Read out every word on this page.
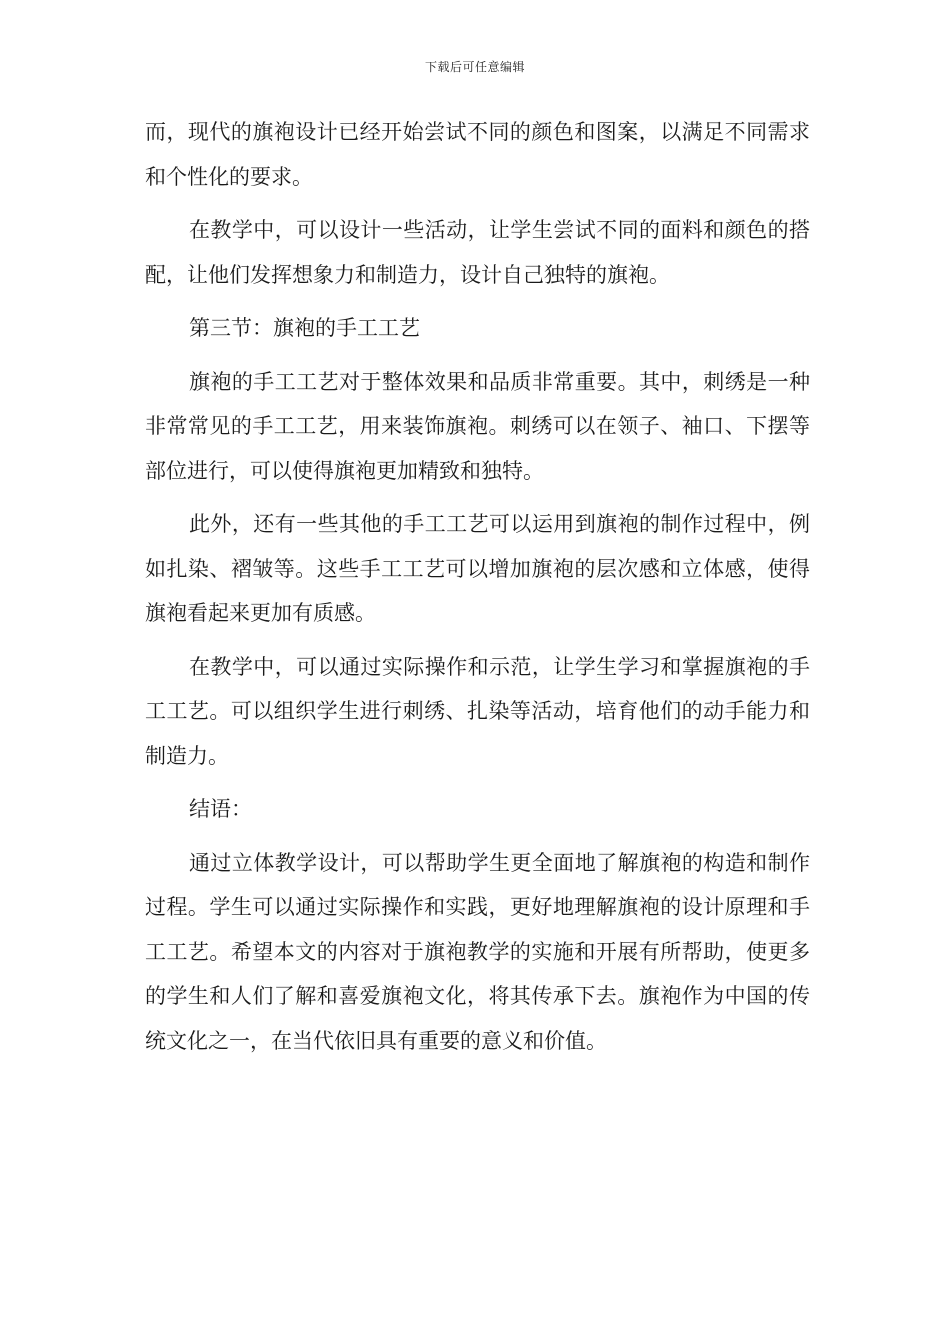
下载后可任意编辑

而，现代的旗袍设计已经开始尝试不同的颜色和图案，以满足不同需求和个性化的要求。

在教学中，可以设计一些活动，让学生尝试不同的面料和颜色的搭配，让他们发挥想象力和制造力，设计自己独特的旗袍。

第三节：旗袍的手工工艺

旗袍的手工工艺对于整体效果和品质非常重要。其中，刺绣是一种非常常见的手工工艺，用来装饰旗袍。刺绣可以在领子、袖口、下摆等部位进行，可以使得旗袍更加精致和独特。

此外，还有一些其他的手工工艺可以运用到旗袍的制作过程中，例如扎染、褶皱等。这些手工工艺可以增加旗袍的层次感和立体感，使得旗袍看起来更加有质感。

在教学中，可以通过实际操作和示范，让学生学习和掌握旗袍的手工工艺。可以组织学生进行刺绣、扎染等活动，培育他们的动手能力和制造力。

结语：

通过立体教学设计，可以帮助学生更全面地了解旗袍的构造和制作过程。学生可以通过实际操作和实践，更好地理解旗袍的设计原理和手工工艺。希望本文的内容对于旗袍教学的实施和开展有所帮助，使更多的学生和人们了解和喜爱旗袍文化，将其传承下去。旗袍作为中国的传统文化之一，在当代依旧具有重要的意义和价值。
